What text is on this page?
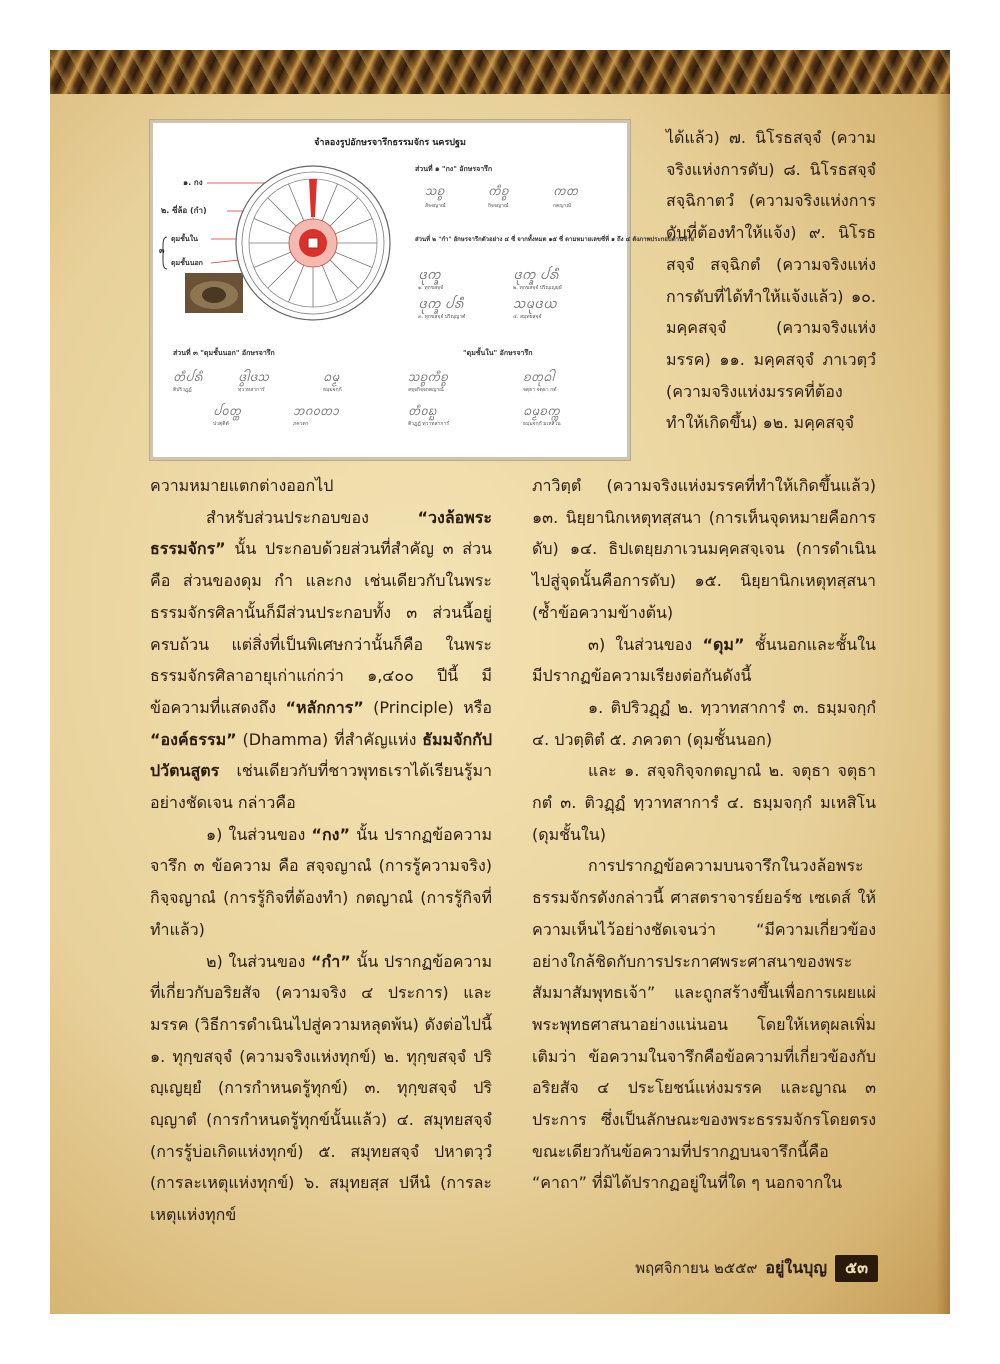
จำลองรูปอักษรจารึกธรรมจักร นครปฐม
๑. กง
๒. ซี่ล้อ (กำ)
ดุมชั้นใน
๓
ดุมชั้นนอก
ส่วนที่ ๑ "กง" อักษรจารึก
ส่วนที่ ๒ "กำ" อักษรจารึกตัวอย่าง ๔ ซี่ จากทั้งหมด ๑๕ ซี่ ตามหมายเลขซี่ที่ ๑ ถึง ๔ ดังภาพประกอบด้านซ้าย
ส่วนที่ ๓ "ดุมชั้นนอก" อักษรจารึก	"ดุมชั้นใน" อักษรจารึก
ᩈᨧ᩠ᨧ	ᨠᩥᨧ᩠ᨧ	ᨠᨲ
สัจจญาณํ	กิจจญาณํ	กตญาณํ
ᨴᩩᨠ᩠ᨡ	ᨴᩩᨠ᩠ᨡ ᨸᩁᩥ
ᨴᩩᨠ᩠ᨡ ᨸᩁᩥ	ᩈᨾᩩᨴᨿ
๑. ทุกขสจฺจํ	๒. ทุกขสจฺจํ ปริญฺเญยฺยํ
๓. ทุกขสจฺจํ ปริญฺญาตํ	๔. สมุทยสจฺจํ
ᨲᩥᨸᩁᩥ	ᨴ᩠ᩅᩤᨴᩈ	ᨵᨾ᩠ᨾ
ᨸᩅᨲ᩠ᨲ	ᨽᨣᩅᨲᩣ
ติปริวฏฺฏํ	ทฺวาทสาการํ	ธมฺมจกฺกํ
ปวตฺติตํ	ภควตา
ᩈᨧ᩠ᨧᨠᩥᨧ᩠ᨧ	ᨧᨲᩩᨵᩤ
ᨲᩥᩅᨭ᩠ᨭ	ᨵᨾ᩠ᨾᨧᨠ᩠ᨠ
สจฺจกิจฺจกตญาณํ	จตุธา จตุธา กตํ
ติวฏฺฏํ ทฺวาทสาการํ	ธมฺมจกฺกํ มเหสิโน

ได้แล้ว) ๗. นิโรธสจฺจํ (ความจริงแห่งการดับ) ๘. นิโรธสจฺจํ สจฺฉิกาตวํ (ความจริงแห่งการดับที่ต้องทำให้แจ้ง) ๙. นิโรธสจฺจํ สจฺฉิกตํ (ความจริงแห่งการดับที่ได้ทำให้แจ้งแล้ว) ๑๐. มคฺคสจฺจํ (ความจริงแห่งมรรค) ๑๑. มคฺคสจฺจํ ภาเวตฺวํ (ความจริงแห่งมรรคที่ต้องทำให้เกิดขึ้น) ๑๒. มคฺคสจฺจํ

ความหมายแตกต่างออกไป

สำหรับส่วนประกอบของ “วงล้อพระธรรมจักร” นั้น ประกอบด้วยส่วนที่สำคัญ ๓ ส่วน คือ ส่วนของดุม กำ และกง เช่นเดียวกับในพระธรรมจักรศิลานั้นก็มีส่วนประกอบทั้ง ๓ ส่วนนี้อยู่ครบถ้วน แต่สิ่งที่เป็นพิเศษกว่านั้นก็คือ ในพระธรรมจักรศิลาอายุเก่าแก่กว่า ๑,๔๐๐ ปีนี้ มีข้อความที่แสดงถึง “หลักการ” (Principle) หรือ “องค์ธรรม” (Dhamma) ที่สำคัญแห่ง ธัมมจักกัปปวัตนสูตร เช่นเดียวกับที่ชาวพุทธเราได้เรียนรู้มาอย่างชัดเจน กล่าวคือ

๑) ในส่วนของ “กง” นั้น ปรากฏข้อความจารึก ๓ ข้อความ คือ สจฺจญาณํ (การรู้ความจริง) กิจฺจญาณํ (การรู้กิจที่ต้องทำ) กตญาณํ (การรู้กิจที่ทำแล้ว)

๒) ในส่วนของ “กำ” นั้น ปรากฏข้อความที่เกี่ยวกับอริยสัจ (ความจริง ๔ ประการ) และ มรรค (วิธีการดำเนินไปสู่ความหลุดพ้น) ดังต่อไปนี้ ๑. ทุกฺขสจฺจํ (ความจริงแห่งทุกข์) ๒. ทุกฺขสจฺจํ ปริญฺเญยฺยํ (การกำหนดรู้ทุกข์) ๓. ทุกฺขสจฺจํ ปริญฺญาตํ (การกำหนดรู้ทุกข์นั้นแล้ว) ๔. สมุทยสจฺจํ (การรู้บ่อเกิดแห่งทุกข์) ๕. สมุทยสจฺจํ ปหาตวฺวํ (การละเหตุแห่งทุกข์) ๖. สมุทยสฺส ปหีนํ (การละเหตุแห่งทุกข์

ภาวิตฺตํ (ความจริงแห่งมรรคที่ทำให้เกิดขึ้นแล้ว) ๑๓. นิยฺยานิกเหตุทสฺสนา (การเห็นจุดหมายคือการดับ) ๑๔. ธิปเตยฺยภาเวนมคฺคสจฺเจน (การดำเนินไปสู่จุดนั้นคือการดับ) ๑๕. นิยฺยานิกเหตุทสฺสนา (ซ้ำข้อความข้างต้น)

๓) ในส่วนของ “ดุม” ชั้นนอกและชั้นใน มีปรากฏข้อความเรียงต่อกันดังนี้

๑. ติปริวฏฺฏํ ๒. ทฺวาทสาการํ ๓. ธมฺมจกฺกํ ๔. ปวตฺติตํ ๕. ภควตา (ดุมชั้นนอก)

และ ๑. สจฺจกิจฺจกตญาณํ ๒. จตุธา จตุธา กตํ ๓. ติวฏฺฏํ ทฺวาทสาการํ ๔. ธมฺมจกฺกํ มเหสิโน (ดุมชั้นใน)

การปรากฏข้อความบนจารึกในวงล้อพระธรรมจักรดังกล่าวนี้ ศาสตราจารย์ยอร์ช เซเดส์ ให้ความเห็นไว้อย่างชัดเจนว่า “มีความเกี่ยวข้องอย่างใกล้ชิดกับการประกาศพระศาสนาของพระสัมมาสัมพุทธเจ้า” และถูกสร้างขึ้นเพื่อการเผยแผ่พระพุทธศาสนาอย่างแน่นอน โดยให้เหตุผลเพิ่มเติมว่า ข้อความในจารึกคือข้อความที่เกี่ยวข้องกับอริยสัจ ๔ ประโยชน์แห่งมรรค และญาณ ๓ ประการ ซึ่งเป็นลักษณะของพระธรรมจักรโดยตรง ขณะเดียวกันข้อความที่ปรากฏบนจารึกนี้คือ “คาถา” ที่มิได้ปรากฏอยู่ในที่ใด ๆ นอกจากใน

พฤศจิกายน ๒๕๕๙ อยู่ในบุญ	๕๓
